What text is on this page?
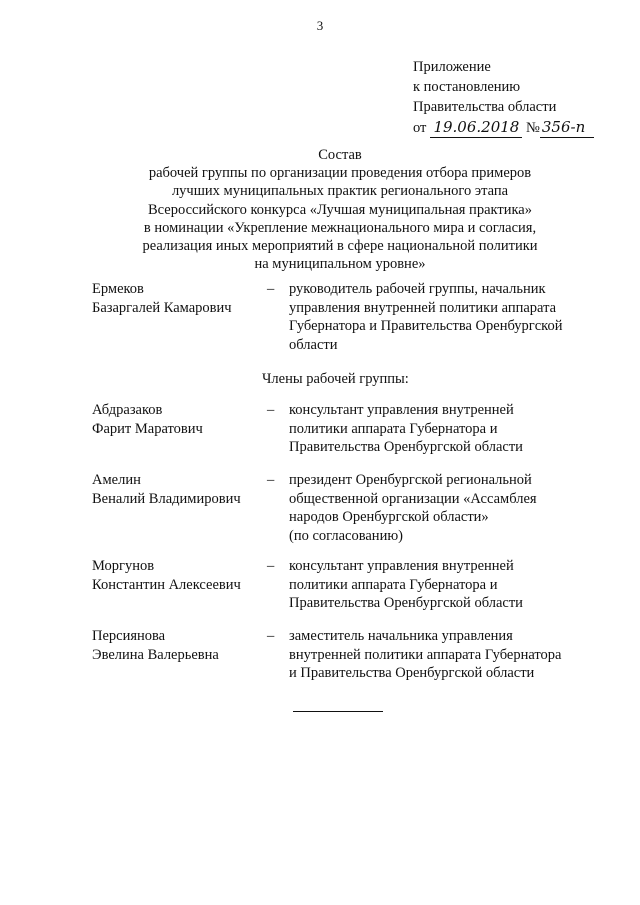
3
Приложение
к постановлению
Правительства области
от 19.06.2018 № 356-п
Состав
рабочей группы по организации проведения отбора примеров
лучших муниципальных практик регионального этапа
Всероссийского конкурса «Лучшая муниципальная практика»
в номинации «Укрепление межнационального мира и согласия,
реализация иных мероприятий в сфере национальной политики
на муниципальном уровне»
Ермеков
Базаргалей Камарович
– руководитель рабочей группы, начальник
управления внутренней политики аппарата
Губернатора и Правительства Оренбургской
области
Члены рабочей группы:
Абдразаков
Фарит Маратович
– консультант управления внутренней
политики аппарата Губернатора и
Правительства Оренбургской области
Амелин
Веналий Владимирович
– президент Оренбургской региональной
общественной организации «Ассамблея
народов Оренбургской области»
(по согласованию)
Моргунов
Константин Алексеевич
– консультант управления внутренней
политики аппарата Губернатора и
Правительства Оренбургской области
Персиянова
Эвелина Валерьевна
– заместитель начальника управления
внутренней политики аппарата Губернатора
и Правительства Оренбургской области
